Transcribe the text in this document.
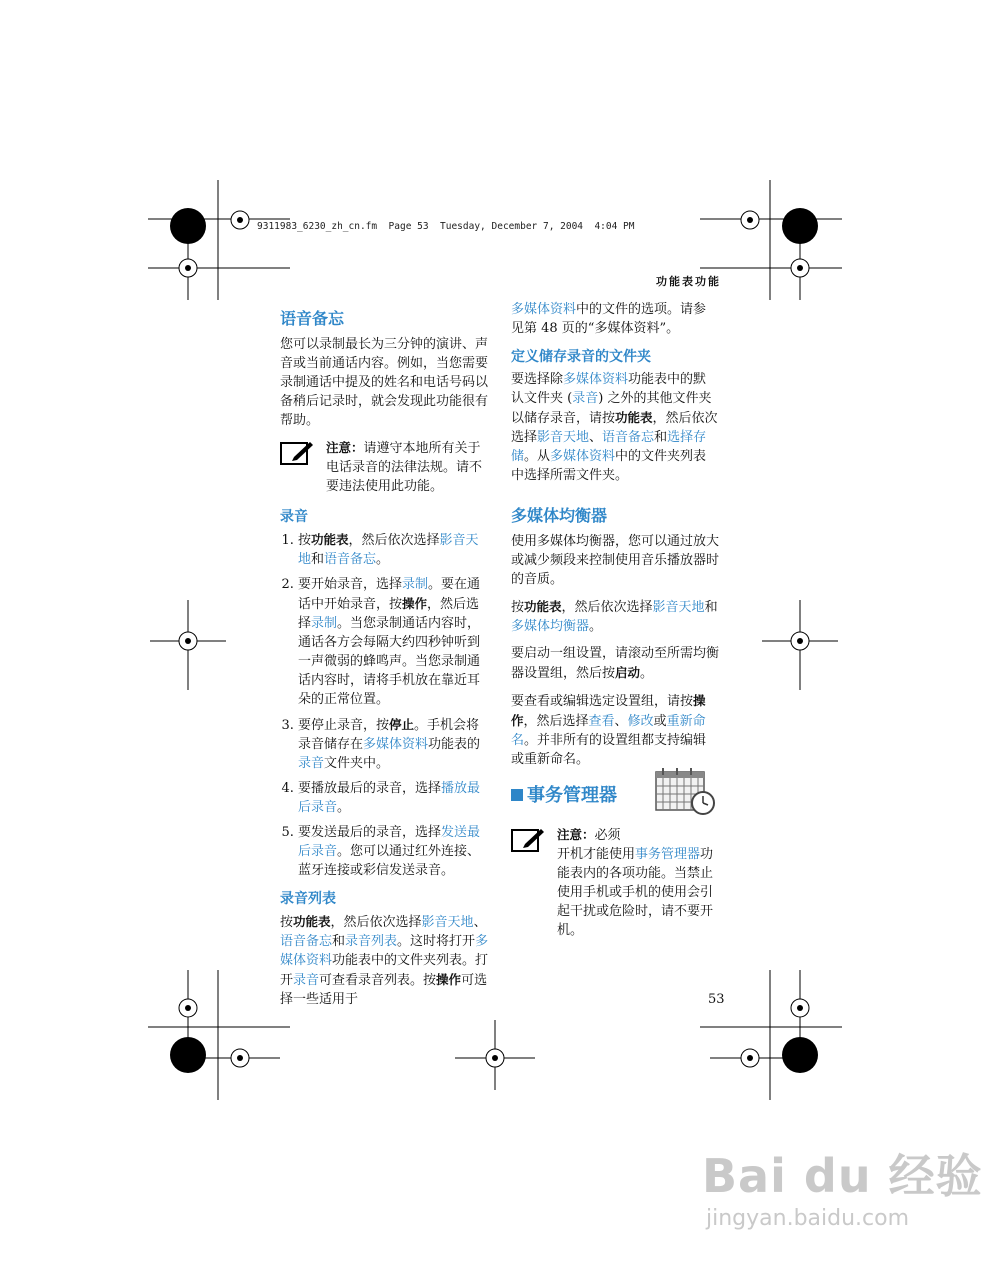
9311983_6230_zh_cn.fm  Page 53  Tuesday, December 7, 2004  4:04 PM
功能表功能
语音备忘

您可以录制最长为三分钟的演讲、声音或当前通话内容。例如，当您需要录制通话中提及的姓名和电话号码以备稍后记录时，就会发现此功能很有帮助。

注意：请遵守本地所有关于电话录音的法律法规。请不要违法使用此功能。
录音
1. 按功能表，然后依次选择影音天地和语音备忘。
2. 要开始录音，选择录制。要在通话中开始录音，按操作，然后选择录制。当您录制通话内容时，通话各方会每隔大约四秒钟听到一声微弱的蜂鸣声。当您录制通话内容时，请将手机放在靠近耳朵的正常位置。
3. 要停止录音，按停止。手机会将录音储存在多媒体资料功能表的录音文件夹中。
4. 要播放最后的录音，选择播放最后录音。
5. 要发送最后的录音，选择发送最后录音。您可以通过红外连接、蓝牙连接或彩信发送录音。
录音列表

按功能表，然后依次选择影音天地、语音备忘和录音列表。这时将打开多媒体资料功能表中的文件夹列表。打开录音可查看录音列表。按操作可选择一些适用于

多媒体资料中的文件的选项。请参见第 48 页的“多媒体资料”。

定义储存录音的文件夹

要选择除多媒体资料功能表中的默认文件夹 (录音) 之外的其他文件夹以储存录音，请按功能表，然后依次选择影音天地、语音备忘和选择存储。从多媒体资料中的文件夹列表中选择所需文件夹。

多媒体均衡器

使用多媒体均衡器，您可以通过放大或减少频段来控制使用音乐播放器时的音质。

按功能表，然后依次选择影音天地和多媒体均衡器。

要启动一组设置，请滚动至所需均衡器设置组，然后按启动。

要查看或编辑选定设置组，请按操作，然后选择查看、修改或重新命名。并非所有的设置组都支持编辑或重新命名。

事务管理器
注意：必须
开机才能使用事务管理器功能表内的各项功能。当禁止使用手机或手机的使用会引起干扰或危险时，请不要开机。
53
Bai du 经验
jingyan.baidu.com
